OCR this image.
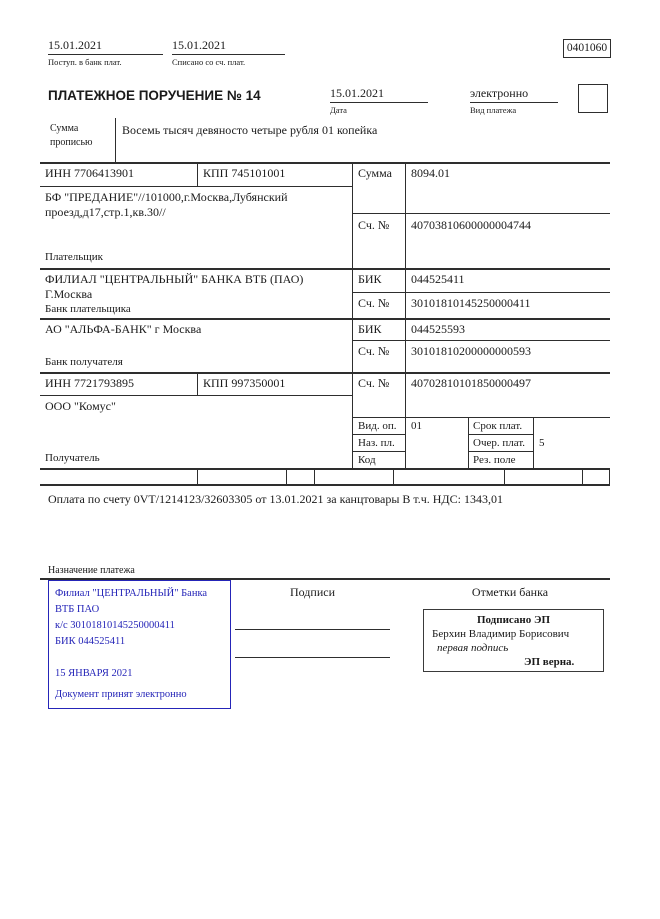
15.01.2021
Поступ. в банк плат.
15.01.2021
Списано со сч. плат.
0401060
ПЛАТЕЖНОЕ ПОРУЧЕНИЕ № 14	15.01.2021
Дата
электронно
Вид платежа
Сумма прописью
Восемь тысяч девяносто четыре рубля 01 копейка
ИНН 7706413901	КПП 745101001	Сумма 8094.01
БФ "ПРЕДАНИЕ"//101000,г.Москва,Лубянский проезд,д17,стр.1,кв.30//
Сч. № 40703810600000004744
Плательщик
ФИЛИАЛ "ЦЕНТРАЛЬНЫЙ" БАНКА ВТБ (ПАО)
Г.Москва
Банк плательщика
БИК 044525411
Сч. № 30101810145250000411
АО "АЛЬФА-БАНК" г Москва
Банк получателя
БИК 044525593
Сч. № 30101810200000000593
ИНН 7721793895	КПП 997350001	Сч. № 40702810101850000497
ООО "Комус"
Получатель
Вид. оп. 01	Срок плат.
Наз. пл.	Очер. плат. 5
Код	Рез. поле
Оплата по счету 0VT/1214123/32603305 от 13.01.2021 за канцтовары В т.ч. НДС: 1343,01
Назначение платежа
Филиал "ЦЕНТРАЛЬНЫЙ" Банка
ВТБ ПАО
к/с 30101810145250000411
БИК 044525411
15 ЯНВАРЯ 2021
Документ принят электронно
Подписи	Отметки банка
Подписано ЭП
Берхин Владимир Борисович
первая подпись
ЭП верна.
